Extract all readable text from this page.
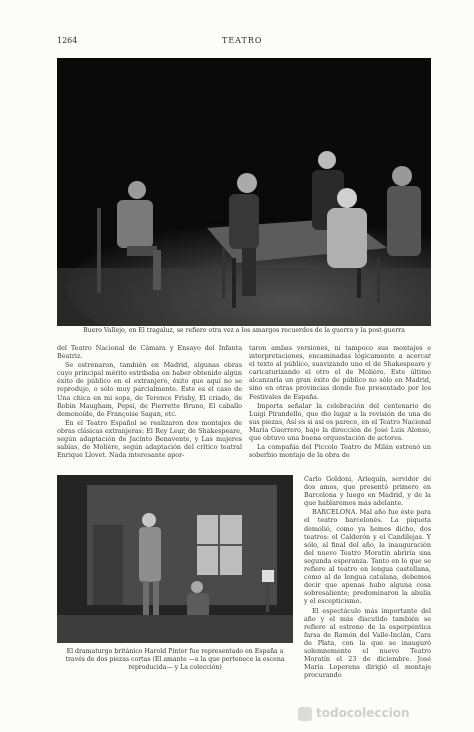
1264	TEATRO
Buero Vallejo, en El tragaluz, se refiere otra vez a los amargos recuerdos de la guerra y la post-guerra

del Teatro Nacional de Cámara y Ensayo del Infanta Beatriz.

Se estrenaron, también en Madrid, algunas obras cuyo principal mérito estribaba en haber obtenido algún éxito de público en el extranjero, éxito que aquí no se reprodujo, o sólo muy parcialmente. Este es el caso de Una chica en mi sopa, de Terence Frisby, El criado, de Robin Maugham, Pepsi, de Pierrette Bruno, El caballo demonoíde, de Françoise Sagan, etc.

En el Teatro Español se realizaron dos montajes de obras clásicas extranjeras: El Rey Lear, de Shakespeare, según adaptación de Jacinto Benavente, y Las mujeres sabias, de Molière, según adaptación del crítico teatral Enrique Llovet. Nada interesante apor-

taron ambas versiones, ni tampoco sus montajes e interpretaciones, encaminadas lógicamente a acercar el texto al público, suavizando uno el de Shakespeare y caricaturizando el otro el de Molière. Este último alcanzaría un gran éxito de público no sólo en Madrid, sino en otras provincias donde fue presentado por los Festivales de España.

Importa señalar la celebración del centenario de Luigi Pirandello, que dio lugar a la revisión de una de sus piezas, Así es si así os parece, en el Teatro Nacional María Guerrero, bajo la dirección de José Luis Alonso, que obtuvo una buena orquestación de actores.

La compañía del Piccolo Teatro de Milán estrenó un soberbio montaje de la obra de

El dramaturgo británico Harold Pinter fue representado en España a través de dos piezas cortas (El amante —a la que pertenece la escena reproducida— y La colección)

Carlo Goldoni, Arlequín, servidor de dos amos, que presentó primero en Barcelona y luego en Madrid, y de la que hablaremos más adelante.

BARCELONA. Mal año fue éste para el teatro barcelonés. La piqueta demolió, como ya hemos dicho, dos teatros: el Calderón y el Candilejas. Y sólo, al final del año, la inauguración del nuevo Teatro Moratín abriría una segunda esperanza. Tanto en lo que se refiere al teatro en lengua castellana, como al de lengua catalana, debemos decir que apenas hubo alguna cosa sobresaliente; predominaron la abulia y el escepticismo.

El espectáculo más importante del año y el más discutido también se refiere al estreno de la esperpéntica farsa de Ramón del Valle-Inclán, Cara de Plata, con la que se inauguró solemnemente el nuevo Teatro Moratín el 23 de diciembre. José María Loperena dirigió el montaje procurando

todocoleccion
